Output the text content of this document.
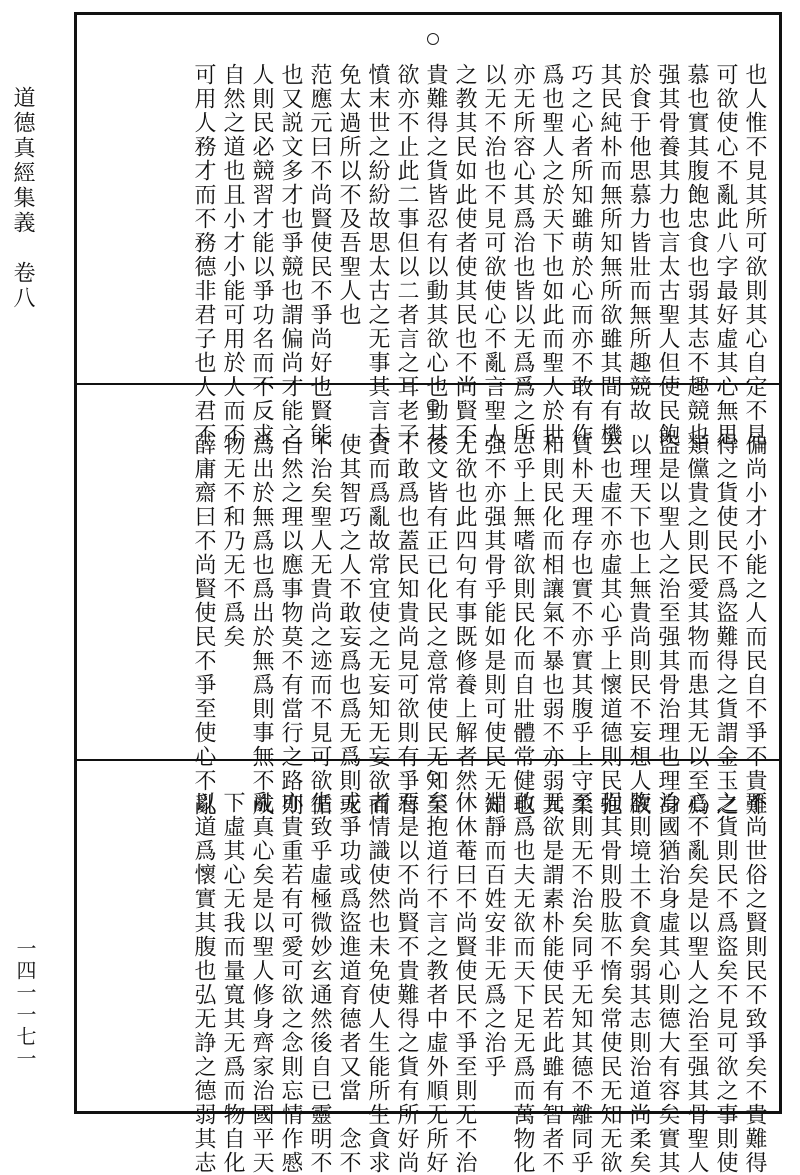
道德真經集義　卷八
一四一一七一
也人惟不見其所可欲則其心自定不見
可欲使心不亂此八字最好虛其心無思
慕也實其腹飽忠食也弱其志不趣競也
强其骨養其力也言太古聖人但使民飽
於食于他思慕力皆壯而無所趣競故
其民純朴而無所知無所欲雖其間有機
巧之心者所知雖萌於心而亦不敢有作
爲也聖人之於天下也如此而聖人於世
亦无所容心其爲治也皆以无爲爲之所
以无不治也不見可欲使心不亂言聖人
之教其民如此使者使其民也不尚賢不
貴難得之貨皆忍有以動其欲心也動其
欲亦不止此二事但以二者言之耳老子
憤末世之紛紛故思太古之无事其言未
免太過所以不及吾聖人也
范應元曰不尚賢使民不爭尚好也賢能
也又説文多才也爭競也謂偏尚才能之
人則民必競習才能以爭功名而不反求
自然之道也且小才小能可用於人而不
可用人務才而不務德非君子也人君不
偏尚小才小能之人而民自不爭不貴難
得之貨使民不爲盜難得之貨謂金玉之
類儻貴之則民愛其物而患其无以至爲
盜是以聖人之治至强其骨治理也理身
以理天下也上無貴尚則民不妄想人欲
去也虛不亦虛其心乎上懷道德則民抱
質朴天理存也實不亦實其腹乎上守柔
和則民化而相讓氣不暴也弱不亦弱其
志乎上無嗜欲則民化而自壯體常健也
强不亦强其骨乎能如是則可使民无知
无欲也此四句有事既修養上解者然
後文皆有正已化民之意常使民无知至
不敢爲也蓋民知貴尚見可欲則有爭有
貪而爲亂故常宜使之无妄知无妄欲而
使其智巧之人不敢妄爲也爲无爲則无
不治矣聖人无貴尚之迹而不見可欲循
自然之理以應事物莫不有當行之路則
爲出於無爲也爲出於無爲則事無不成
物无不和乃无不爲矣
薛庸齋曰不尚賢使民不爭至使心不亂
不尚世俗之賢則民不致爭矣不貴難得
之貨則民不爲盜矣不見可欲之事則使
心不亂矣是以聖人之治至强其骨聖人
治國猶治身虛其心則德大有容矣實其
腹則境土不貪矣弱其志則治道尚柔矣
强其骨則股肱不惰矣常使民无知无欲
至則无不治矣同乎无知其德不離同乎
无欲是謂素朴能使民若此雖有智者不
敢爲也夫无欲而天下足无爲而萬物化
淵靜而百姓安非无爲之治乎
休休菴曰不尚賢使民不爭至則无不治
矣抱道行不言之教者中虛外順无所好
惡是以不尚賢不貴難得之貨有所好尚
者情識使然也未免使人生能所生貪求
或爭功或爲盜進道育德者又當一念不
生致乎虛極微妙玄通然後自已靈明不
亦貴重若有可愛可欲之念則忘情作慼
亂真心矣是以聖人修身齊家治國平天
下虛其心无我而量寬其无爲而物自化
以道爲懷實其腹也弘无諍之德弱其志
